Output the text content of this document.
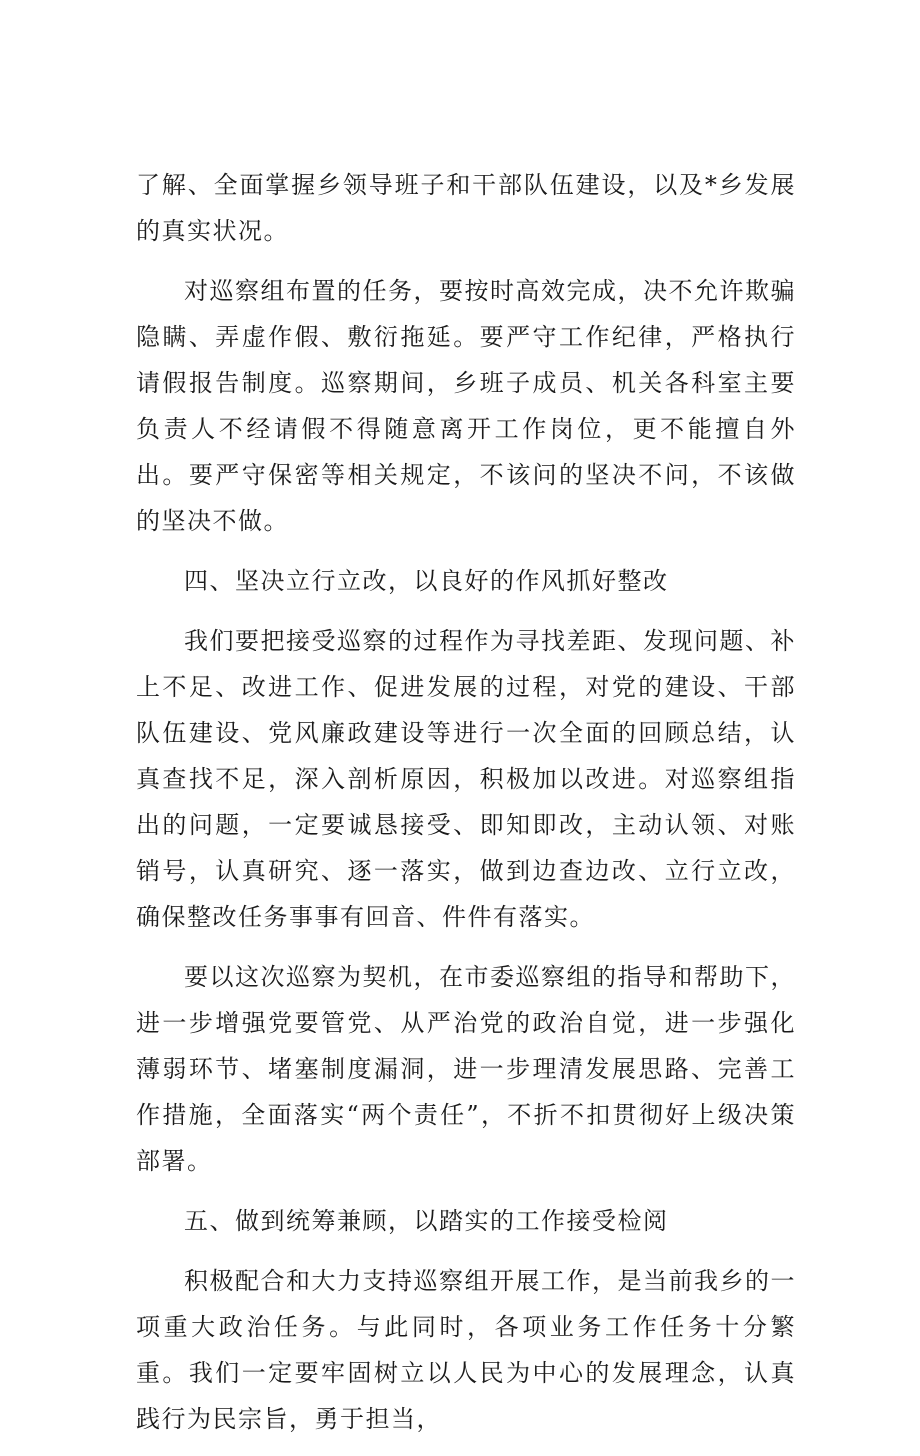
了解、全面掌握乡领导班子和干部队伍建设，以及*乡发展的真实状况。

对巡察组布置的任务，要按时高效完成，决不允许欺骗隐瞒、弄虚作假、敷衍拖延。要严守工作纪律，严格执行请假报告制度。巡察期间，乡班子成员、机关各科室主要负责人不经请假不得随意离开工作岗位，更不能擅自外出。要严守保密等相关规定，不该问的坚决不问，不该做的坚决不做。

四、坚决立行立改，以良好的作风抓好整改

我们要把接受巡察的过程作为寻找差距、发现问题、补上不足、改进工作、促进发展的过程，对党的建设、干部队伍建设、党风廉政建设等进行一次全面的回顾总结，认真查找不足，深入剖析原因，积极加以改进。对巡察组指出的问题，一定要诚恳接受、即知即改，主动认领、对账销号，认真研究、逐一落实，做到边查边改、立行立改，确保整改任务事事有回音、件件有落实。

要以这次巡察为契机，在市委巡察组的指导和帮助下，进一步增强党要管党、从严治党的政治自觉，进一步强化薄弱环节、堵塞制度漏洞，进一步理清发展思路、完善工作措施，全面落实“两个责任”，不折不扣贯彻好上级决策部署。

五、做到统筹兼顾，以踏实的工作接受检阅

积极配合和大力支持巡察组开展工作，是当前我乡的一项重大政治任务。与此同时，各项业务工作任务十分繁重。我们一定要牢固树立以人民为中心的发展理念，认真践行为民宗旨，勇于担当，
